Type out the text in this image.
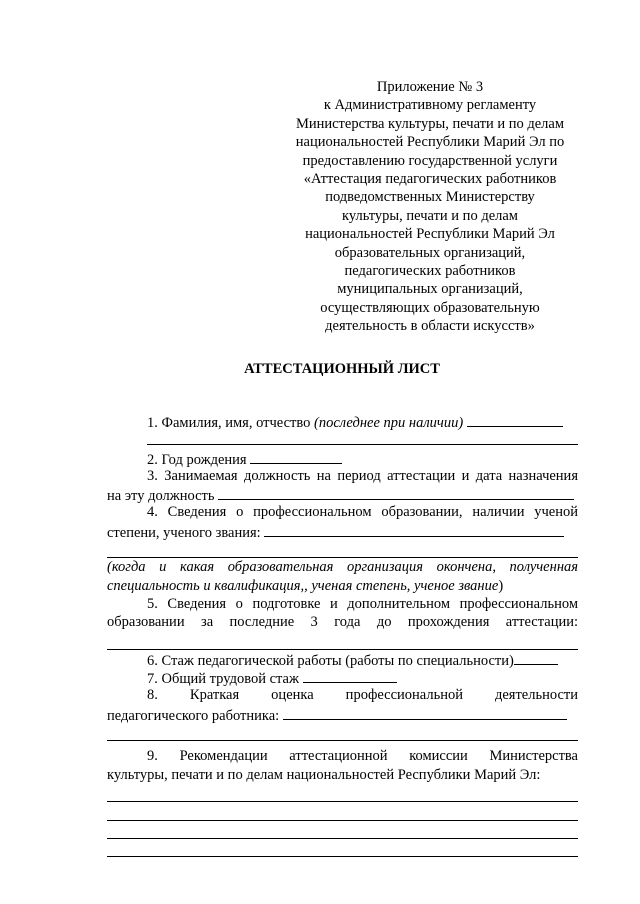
Приложение № 3
к Административному регламенту
Министерства культуры, печати и по делам
национальностей Республики Марий Эл по
предоставлению государственной услуги
«Аттестация педагогических работников
подведомственных Министерству
культуры, печати и по делам
национальностей Республики Марий Эл
образовательных организаций,
педагогических работников
муниципальных организаций,
осуществляющих образовательную
деятельность в области искусств»
АТТЕСТАЦИОННЫЙ ЛИСТ
1. Фамилия, имя, отчество (последнее при наличии)
2. Год рождения
3. Занимаемая должность на период аттестации и дата назначения
на эту должность
4. Сведения о профессиональном образовании, наличии ученой
степени, ученого звания:
(когда и какая образовательная организация окончена, полученная
специальность и квалификация,, ученая степень, ученое звание)
5. Сведения о подготовке и дополнительном профессиональном
образовании за последние 3 года до прохождения аттестации:
6. Стаж педагогической работы (работы по специальности)
7. Общий трудовой стаж
8. Краткая оценка профессиональной деятельности
педагогического работника:
9. Рекомендации аттестационной комиссии Министерства
культуры, печати и по делам национальностей Республики Марий Эл:
